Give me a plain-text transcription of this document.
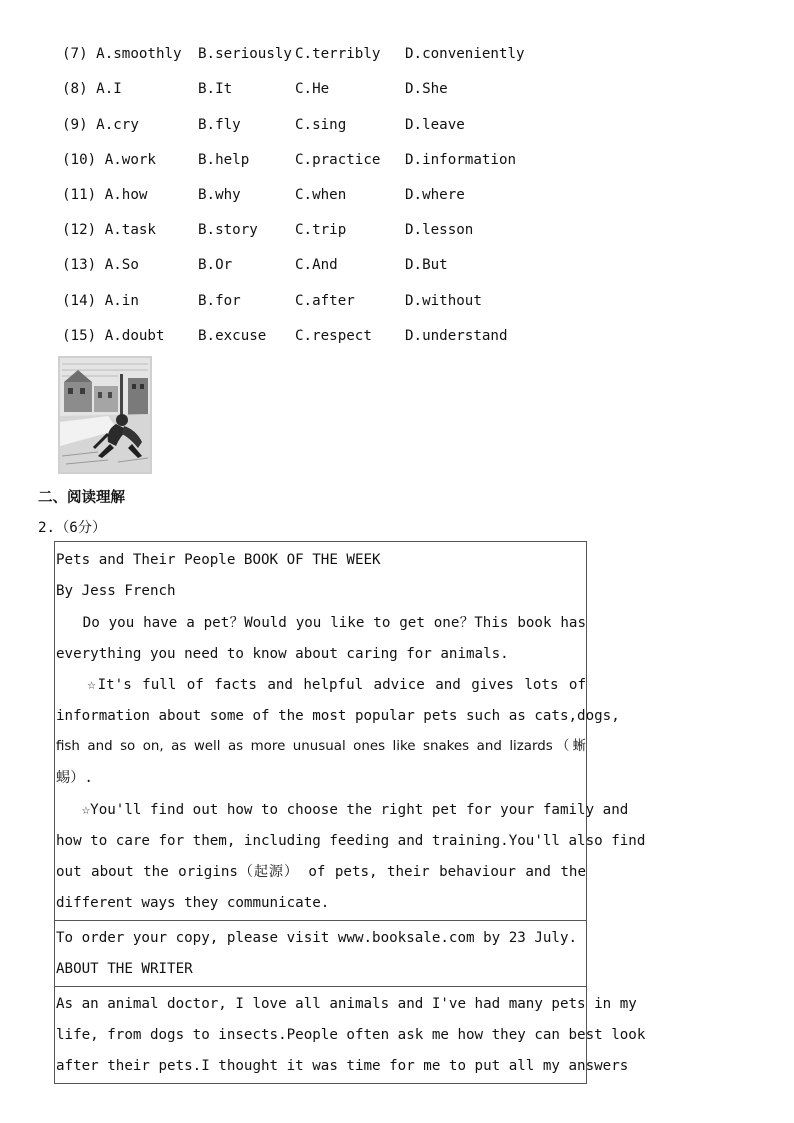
(7) A.smoothly B.seriously C.terribly D.conveniently
(8) A.I	B.It	C.He	D.She
(9) A.cry	B.fly	C.sing	D.leave
(10) A.work	B.help	C.practice D.information
(11) A.how	B.why	C.when	D.where
(12) A.task	B.story	C.trip	D.lesson
(13) A.So	B.Or	C.And	D.But
(14) A.in	B.for	C.after	D.without
(15) A.doubt B.excuse C.respect D.understand
二、阅读理解
2.（6分）
Pets and Their People BOOK OF THE WEEK
By Jess French
Do you have a pet？Would you like to get one？This book has
everything you need to know about caring for animals.
☆It's full of facts and helpful advice and gives lots of
information about some of the most popular pets such as cats,dogs,
fish and so on, as well as more unusual ones like snakes and lizards（蜥
蜴）.
☆You'll find out how to choose the right pet for your family and
how to care for them, including feeding and training.You'll also find
out about the origins（起源） of pets, their behaviour and the
different ways they communicate.
To order your copy, please visit www.booksale.com by 23 July.
ABOUT THE WRITER
As an animal doctor, I love all animals and I've had many pets in my
life, from dogs to insects.People often ask me how they can best look
after their pets.I thought it was time for me to put all my answers
